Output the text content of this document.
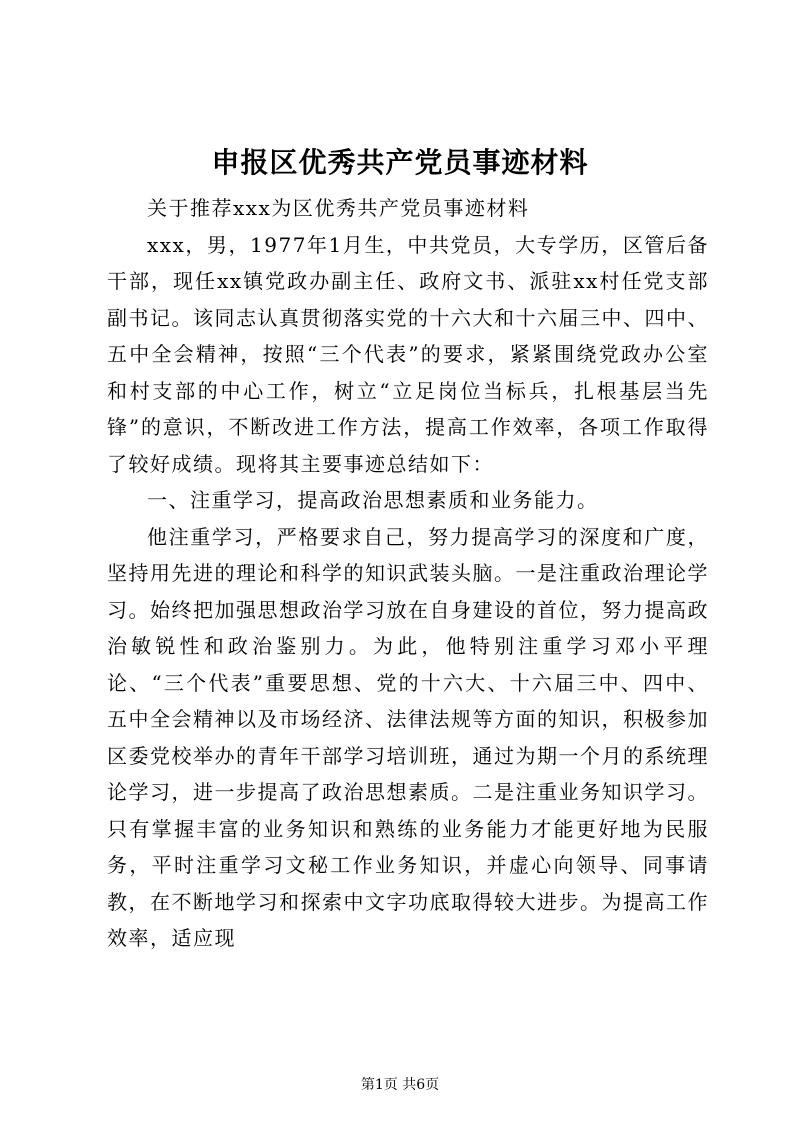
申报区优秀共产党员事迹材料

关于推荐xxx为区优秀共产党员事迹材料

xxx，男，1977年1月生，中共党员，大专学历，区管后备干部，现任xx镇党政办副主任、政府文书、派驻xx村任党支部副书记。该同志认真贯彻落实党的十六大和十六届三中、四中、五中全会精神，按照“三个代表”的要求，紧紧围绕党政办公室和村支部的中心工作，树立“立足岗位当标兵，扎根基层当先锋”的意识，不断改进工作方法，提高工作效率，各项工作取得了较好成绩。现将其主要事迹总结如下：

一、注重学习，提高政治思想素质和业务能力。

他注重学习，严格要求自己，努力提高学习的深度和广度，坚持用先进的理论和科学的知识武装头脑。一是注重政治理论学习。始终把加强思想政治学习放在自身建设的首位，努力提高政治敏锐性和政治鉴别力。为此，他特别注重学习邓小平理论、“三个代表”重要思想、党的十六大、十六届三中、四中、五中全会精神以及市场经济、法律法规等方面的知识，积极参加区委党校举办的青年干部学习培训班，通过为期一个月的系统理论学习，进一步提高了政治思想素质。二是注重业务知识学习。只有掌握丰富的业务知识和熟练的业务能力才能更好地为民服务，平时注重学习文秘工作业务知识，并虚心向领导、同事请教，在不断地学习和探索中文字功底取得较大进步。为提高工作效率，适应现

第1页 共6页
